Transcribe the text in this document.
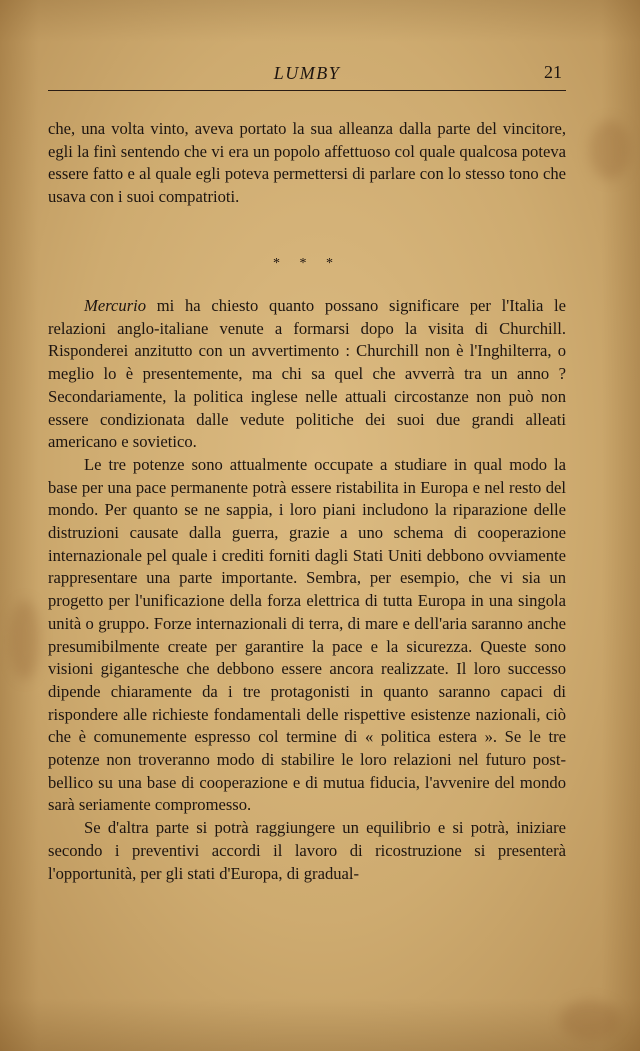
LUMBY	21

che, una volta vinto, aveva portato la sua alleanza dalla parte del vincitore, egli la finì sentendo che vi era un popolo affettuoso col quale qualcosa poteva essere fatto e al quale egli poteva permettersi di parlare con lo stesso tono che usava con i suoi compatrioti.

* * *

Mercurio mi ha chiesto quanto possano significare per l'Italia le relazioni anglo-italiane venute a formarsi dopo la visita di Churchill. Risponderei anzitutto con un avvertimento : Churchill non è l'Inghilterra, o meglio lo è presentemente, ma chi sa quel che avverrà tra un anno ? Secondariamente, la politica inglese nelle attuali circostanze non può non essere condizionata dalle vedute politiche dei suoi due grandi alleati americano e sovietico.

Le tre potenze sono attualmente occupate a studiare in qual modo la base per una pace permanente potrà essere ristabilita in Europa e nel resto del mondo. Per quanto se ne sappia, i loro piani includono la riparazione delle distruzioni causate dalla guerra, grazie a uno schema di cooperazione internazionale pel quale i crediti forniti dagli Stati Uniti debbono ovviamente rappresentare una parte importante. Sembra, per esempio, che vi sia un progetto per l'unificazione della forza elettrica di tutta Europa in una singola unità o gruppo. Forze internazionali di terra, di mare e dell'aria saranno anche presumibilmente create per garantire la pace e la sicurezza. Queste sono visioni gigantesche che debbono essere ancora realizzate. Il loro successo dipende chiaramente da i tre protagonisti in quanto saranno capaci di rispondere alle richieste fondamentali delle rispettive esistenze nazionali, ciò che è comunemente espresso col termine di « politica estera ». Se le tre potenze non troveranno modo di stabilire le loro relazioni nel futuro post-bellico su una base di cooperazione e di mutua fiducia, l'avvenire del mondo sarà seriamente compromesso.

Se d'altra parte si potrà raggiungere un equilibrio e si potrà, iniziare secondo i preventivi accordi il lavoro di ricostruzione si presenterà l'opportunità, per gli stati d'Europa, di gradual-
